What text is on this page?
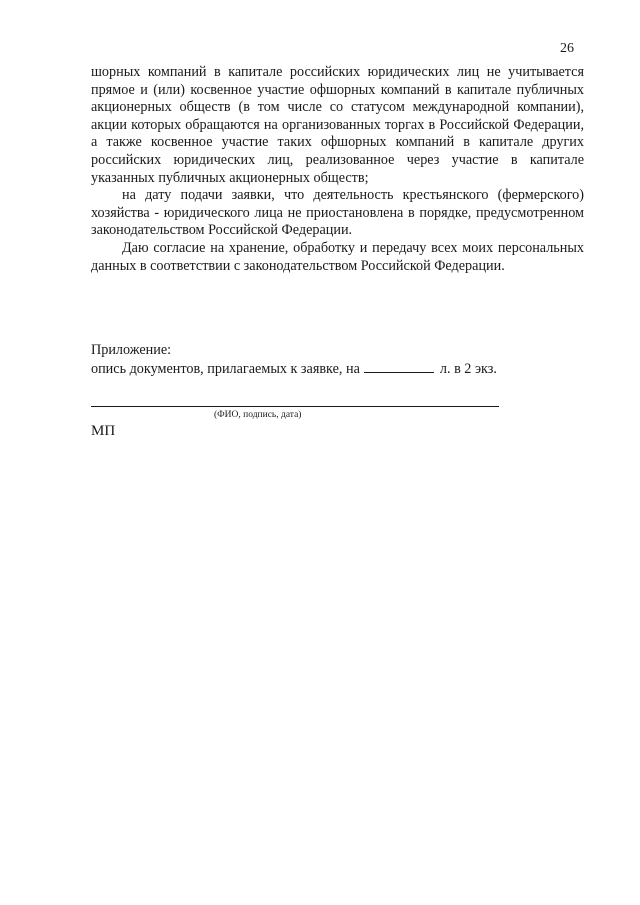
26

шорных компаний в капитале российских юридических лиц не учитывается прямое и (или) косвенное участие офшорных компаний в капитале публичных акционерных обществ (в том числе со статусом международной компании), акции которых обращаются на организованных торгах в Российской Федерации, а также косвенное участие таких офшорных компаний в капитале других российских юридических лиц, реализованное через участие в капитале указанных публичных акционерных обществ;

на дату подачи заявки, что деятельность крестьянского (фермерского) хозяйства - юридического лица не приостановлена в порядке, предусмотренном законодательством Российской Федерации.

Даю согласие на хранение, обработку и передачу всех моих персональных данных в соответствии с законодательством Российской Федерации.

Приложение:
опись документов, прилагаемых к заявке, на	л. в 2 экз.
(ФИО, подпись, дата)
МП
